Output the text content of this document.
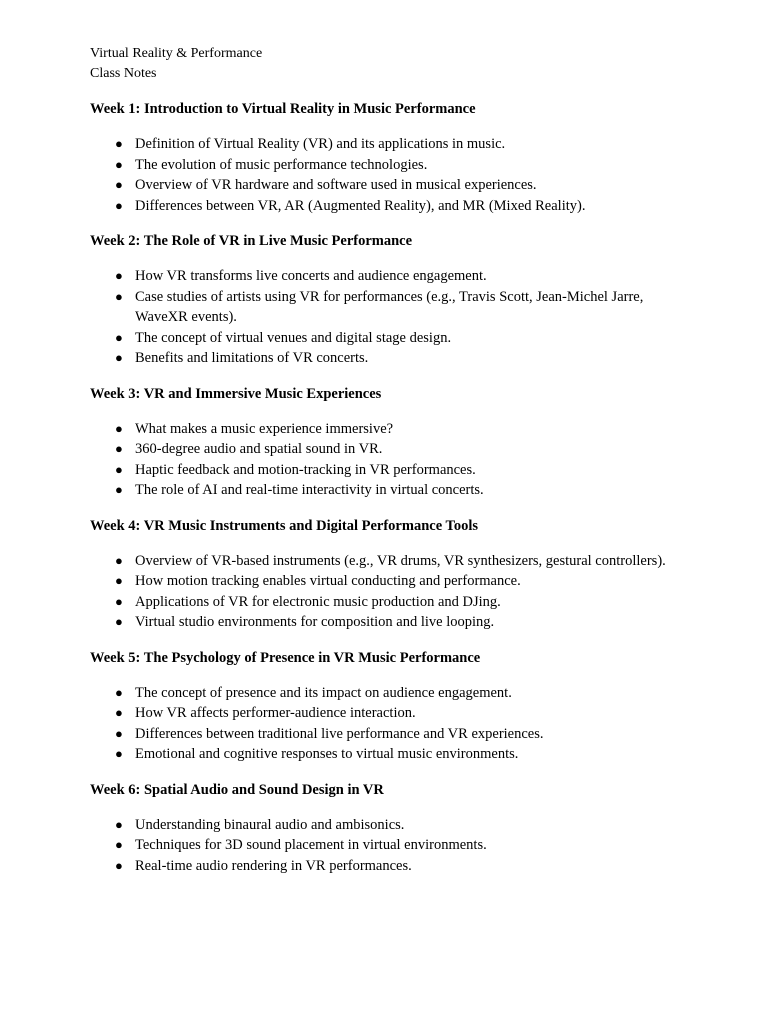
Virtual Reality & Performance

Class Notes

Week 1: Introduction to Virtual Reality in Music Performance
● Definition of Virtual Reality (VR) and its applications in music.
● The evolution of music performance technologies.
● Overview of VR hardware and software used in musical experiences.
● Differences between VR, AR (Augmented Reality), and MR (Mixed Reality).
Week 2: The Role of VR in Live Music Performance
● How VR transforms live concerts and audience engagement.
● Case studies of artists using VR for performances (e.g., Travis Scott, Jean-Michel Jarre, WaveXR events).
● The concept of virtual venues and digital stage design.
● Benefits and limitations of VR concerts.
Week 3: VR and Immersive Music Experiences
● What makes a music experience immersive?
● 360-degree audio and spatial sound in VR.
● Haptic feedback and motion-tracking in VR performances.
● The role of AI and real-time interactivity in virtual concerts.
Week 4: VR Music Instruments and Digital Performance Tools
● Overview of VR-based instruments (e.g., VR drums, VR synthesizers, gestural controllers).
● How motion tracking enables virtual conducting and performance.
● Applications of VR for electronic music production and DJing.
● Virtual studio environments for composition and live looping.
Week 5: The Psychology of Presence in VR Music Performance
● The concept of presence and its impact on audience engagement.
● How VR affects performer-audience interaction.
● Differences between traditional live performance and VR experiences.
● Emotional and cognitive responses to virtual music environments.
Week 6: Spatial Audio and Sound Design in VR
● Understanding binaural audio and ambisonics.
● Techniques for 3D sound placement in virtual environments.
● Real-time audio rendering in VR performances.
